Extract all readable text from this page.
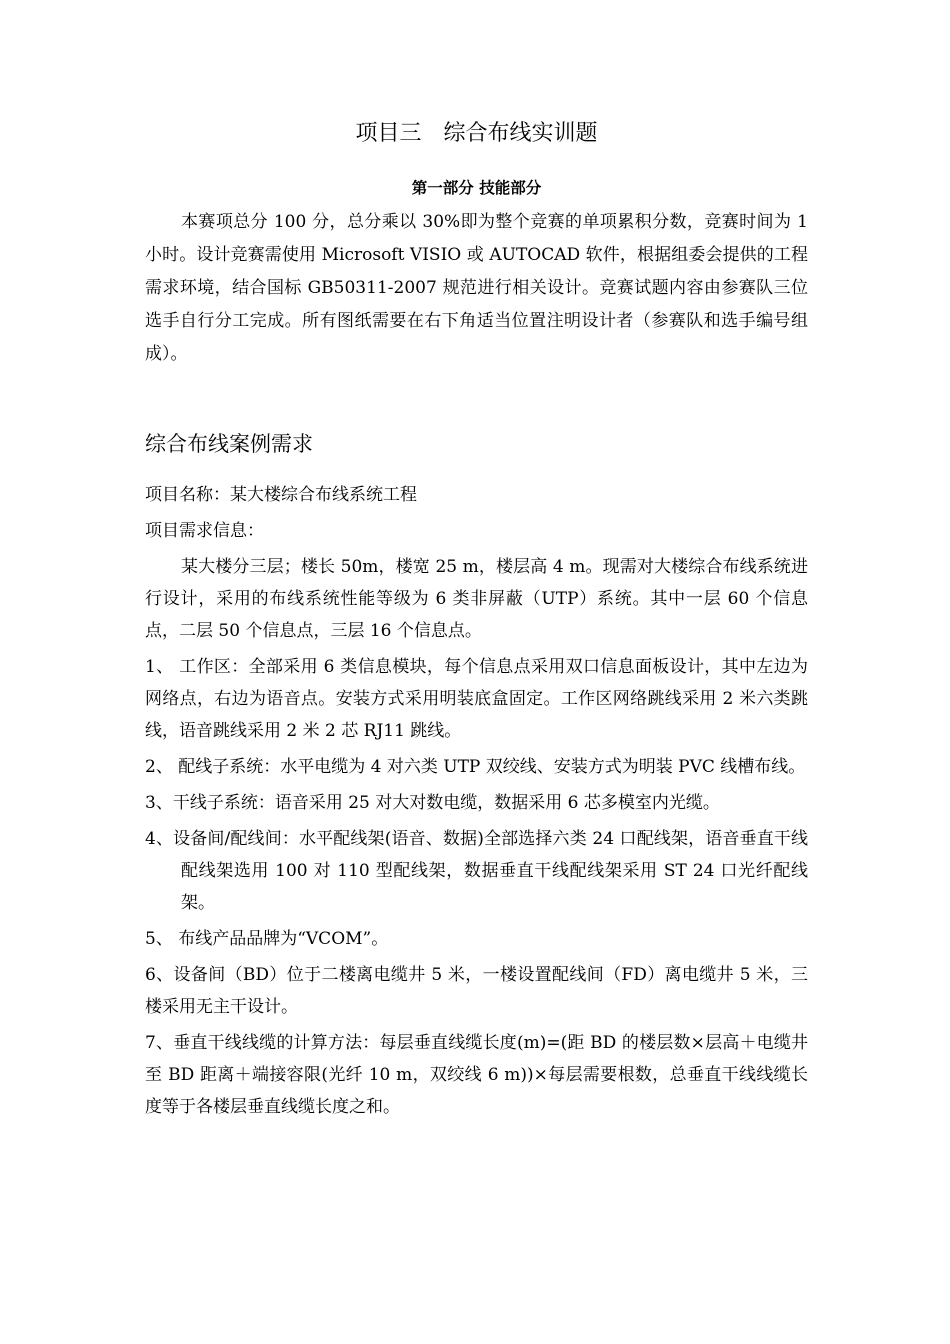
项目三　综合布线实训题
第一部分 技能部分

本赛项总分 100 分，总分乘以 30%即为整个竞赛的单项累积分数，竞赛时间为 1 小时。设计竞赛需使用 Microsoft VISIO 或 AUTOCAD 软件，根据组委会提供的工程需求环境，结合国标 GB50311-2007 规范进行相关设计。竞赛试题内容由参赛队三位选手自行分工完成。所有图纸需要在右下角适当位置注明设计者（参赛队和选手编号组成）。

综合布线案例需求

项目名称：某大楼综合布线系统工程

项目需求信息：

某大楼分三层；楼长 50m，楼宽 25 m，楼层高 4 m。现需对大楼综合布线系统进行设计，采用的布线系统性能等级为 6 类非屏蔽（UTP）系统。其中一层 60 个信息点，二层 50 个信息点，三层 16 个信息点。

1、 工作区：全部采用 6 类信息模块，每个信息点采用双口信息面板设计，其中左边为网络点，右边为语音点。安装方式采用明装底盒固定。工作区网络跳线采用 2 米六类跳线，语音跳线采用 2 米 2 芯 RJ11 跳线。

2、 配线子系统：水平电缆为 4 对六类 UTP 双绞线、安装方式为明装 PVC 线槽布线。

3、干线子系统：语音采用 25 对大对数电缆，数据采用 6 芯多模室内光缆。

4、设备间/配线间：水平配线架(语音、数据)全部选择六类 24 口配线架，语音垂直干线配线架选用 100 对 110 型配线架，数据垂直干线配线架采用 ST 24 口光纤配线架。

5、 布线产品品牌为“VCOM”。

6、设备间（BD）位于二楼离电缆井 5 米，一楼设置配线间（FD）离电缆井 5 米，三楼采用无主干设计。

7、垂直干线线缆的计算方法：每层垂直线缆长度(m)=(距 BD 的楼层数×层高＋电缆井至 BD 距离＋端接容限(光纤 10 m，双绞线 6 m))×每层需要根数，总垂直干线线缆长度等于各楼层垂直线缆长度之和。
